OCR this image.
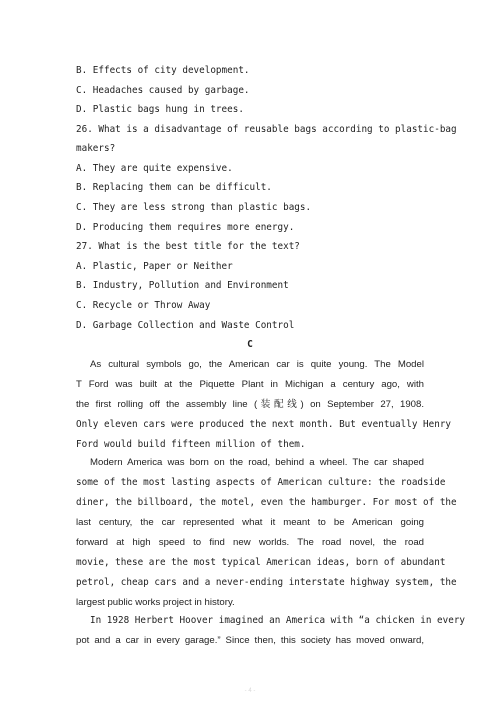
B. Effects of city development.
C. Headaches caused by garbage.
D. Plastic bags hung in trees.
26. What is a disadvantage of reusable bags according to plastic-bag
makers?
A. They are quite expensive.
B. Replacing them can be difficult.
C. They are less strong than plastic bags.
D. Producing them requires more energy.
27. What is the best title for the text?
A. Plastic, Paper or Neither
B. Industry, Pollution and Environment
C. Recycle or Throw Away
D. Garbage Collection and Waste Control
C
As cultural symbols go, the American car is quite young. The Model
T Ford was built at the Piquette Plant in Michigan a century ago, with
the first rolling off the assembly line (装配线) on September 27, 1908.
Only eleven cars were produced the next month. But eventually Henry
Ford would build fifteen million of them.
Modern America was born on the road, behind a wheel. The car shaped
some of the most lasting aspects of American culture: the roadside
diner, the billboard, the motel, even the hamburger. For most of the
last century, the car represented what it meant to be American going
forward at high speed to find new worlds. The road novel, the road
movie, these are the most typical American ideas, born of abundant
petrol, cheap cars and a never-ending interstate highway system, the
largest public works project in history.
In 1928 Herbert Hoover imagined an America with “a chicken in every
pot and a car in every garage.” Since then, this society has moved onward,
- 4 -
